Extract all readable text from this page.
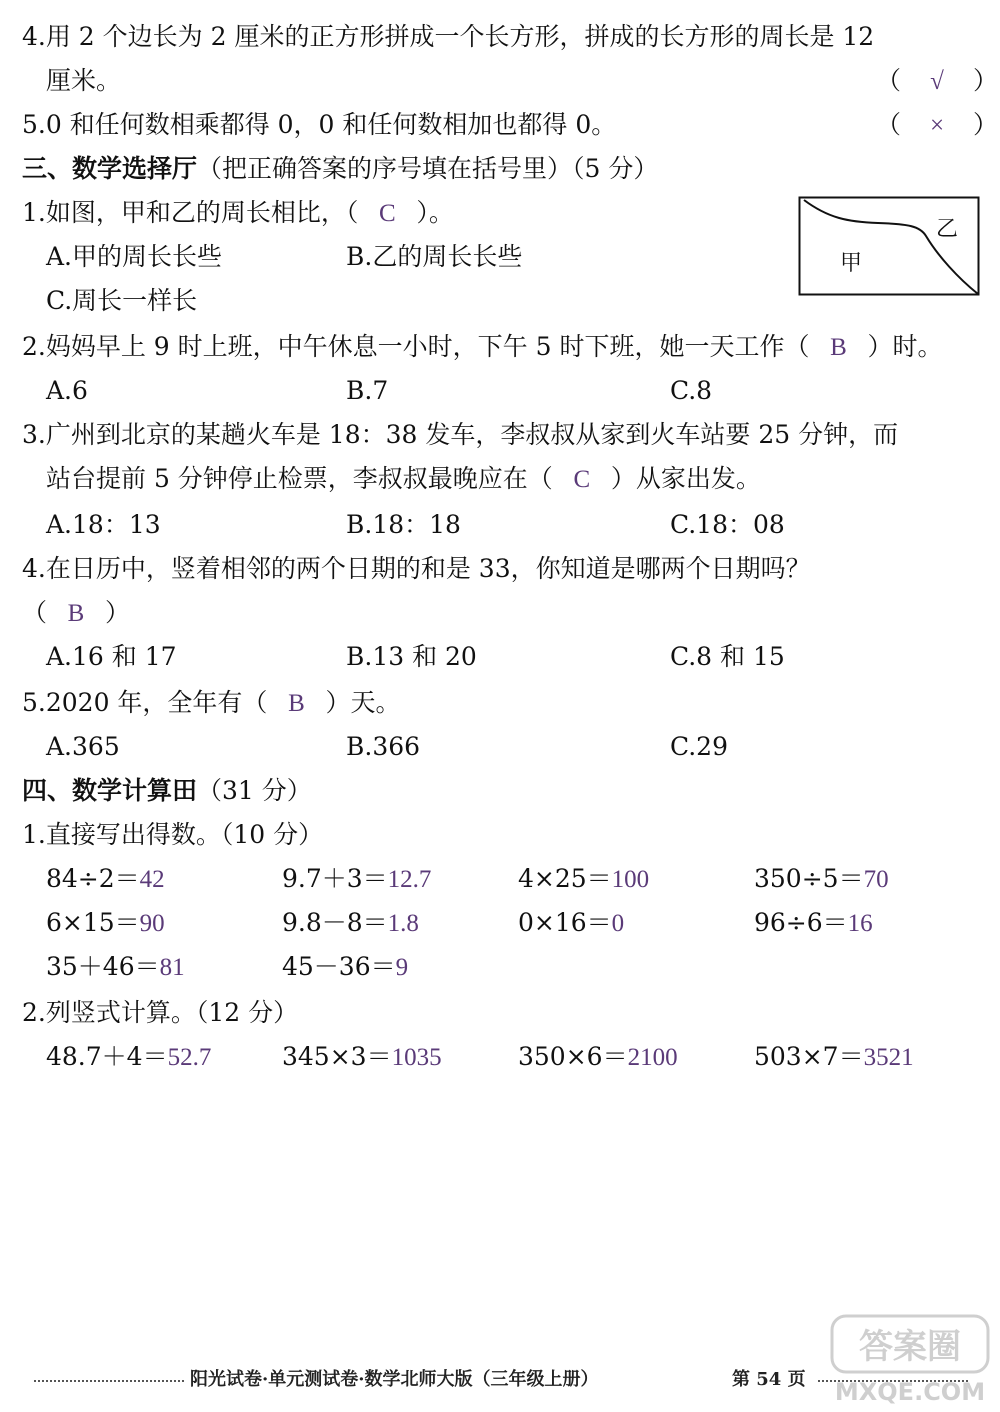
4.用 2 个边长为 2 厘米的正方形拼成一个长方形，拼成的长方形的周长是 12
厘米。	（ √ ）
5.0 和任何数相乘都得 0，0 和任何数相加也都得 0。	（ × ）
三、数学选择厅（把正确答案的序号填在括号里）（5 分）
1.如图，甲和乙的周长相比，（ C ）。
A.甲的周长长些	B.乙的周长长些
C.周长一样长
甲
乙
2.妈妈早上 9 时上班，中午休息一小时，下午 5 时下班，她一天工作（ B ）时。
A.6	B.7	C.8
3.广州到北京的某趟火车是 18：38 发车，李叔叔从家到火车站要 25 分钟，而
站台提前 5 分钟停止检票，李叔叔最晚应在（ C ）从家出发。
A.18：13	B.18：18	C.18：08
4.在日历中，竖着相邻的两个日期的和是 33，你知道是哪两个日期吗？
（ B ）
A.16 和 17	B.13 和 20	C.8 和 15
5.2020 年，全年有（ B ）天。
A.365	B.366	C.29
四、数学计算田（31 分）
1.直接写出得数。（10 分）
84÷2＝42	9.7＋3＝12.7	4×25＝100	350÷5＝70
6×15＝90	9.8－8＝1.8	0×16＝0	96÷6＝16
35＋46＝81	45－36＝9
2.列竖式计算。（12 分）
48.7＋4＝52.7	345×3＝1035	350×6＝2100	503×7＝3521
答案圈
MXQE.COM
阳光试卷·单元测试卷·数学北师大版（三年级上册）	第 54 页
